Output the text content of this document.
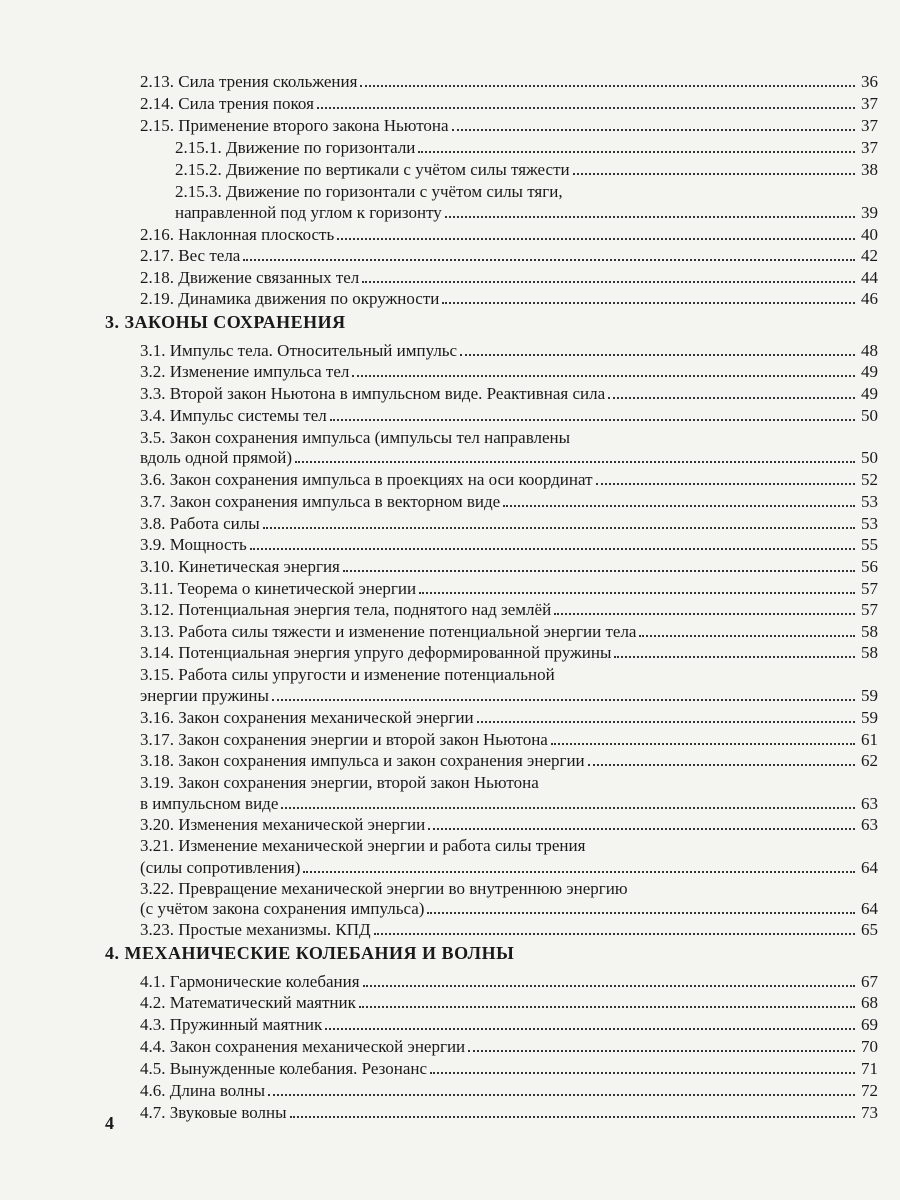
2.13. Сила трения скольжения	36
2.14. Сила трения покоя	37
2.15. Применение второго закона Ньютона	37
2.15.1. Движение по горизонтали	37
2.15.2. Движение по вертикали с учётом силы тяжести	38
2.15.3. Движение по горизонтали с учётом силы тяги,
направленной под углом к горизонту	39
2.16. Наклонная плоскость	40
2.17. Вес тела	42
2.18. Движение связанных тел	44
2.19. Динамика движения по окружности	46
3. ЗАКОНЫ СОХРАНЕНИЯ
3.1. Импульс тела. Относительный импульс	48
3.2. Изменение импульса тел	49
3.3. Второй закон Ньютона в импульсном виде. Реактивная сила	49
3.4. Импульс системы тел	50
3.5. Закон сохранения импульса (импульсы тел направлены
вдоль одной прямой)	50
3.6. Закон сохранения импульса в проекциях на оси координат	52
3.7. Закон сохранения импульса в векторном виде	53
3.8. Работа силы	53
3.9. Мощность	55
3.10. Кинетическая энергия	56
3.11. Теорема о кинетической энергии	57
3.12. Потенциальная энергия тела, поднятого над землёй	57
3.13. Работа силы тяжести и изменение потенциальной энергии тела	58
3.14. Потенциальная энергия упруго деформированной пружины	58
3.15. Работа силы упругости и изменение потенциальной
энергии пружины	59
3.16. Закон сохранения механической энергии	59
3.17. Закон сохранения энергии и второй закон Ньютона	61
3.18. Закон сохранения импульса и закон сохранения энергии	62
3.19. Закон сохранения энергии, второй закон Ньютона
в импульсном виде	63
3.20. Изменения механической энергии	63
3.21. Изменение механической энергии и работа силы трения
(силы сопротивления)	64
3.22. Превращение механической энергии во внутреннюю энергию
(с учётом закона сохранения импульса)	64
3.23. Простые механизмы. КПД	65
4. МЕХАНИЧЕСКИЕ КОЛЕБАНИЯ И ВОЛНЫ
4.1. Гармонические колебания	67
4.2. Математический маятник	68
4.3. Пружинный маятник	69
4.4. Закон сохранения механической энергии	70
4.5. Вынужденные колебания. Резонанс	71
4.6. Длина волны	72
4.7. Звуковые волны	73
4
